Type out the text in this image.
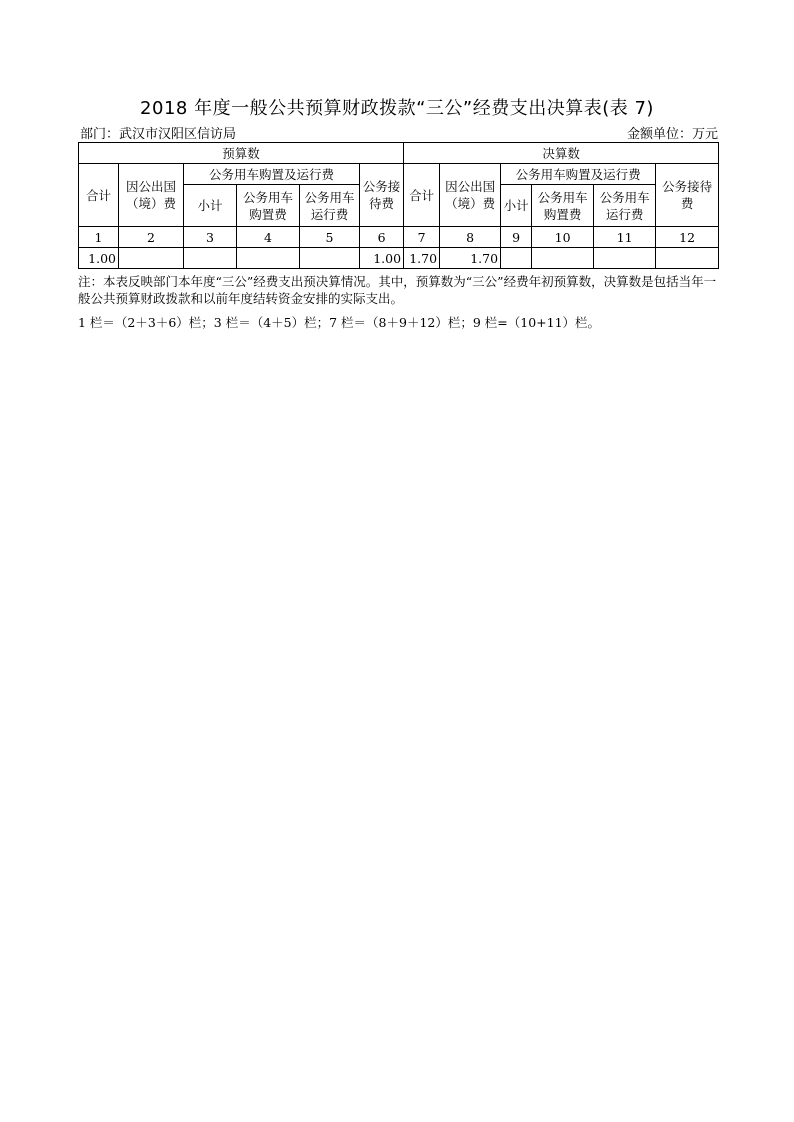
2018 年度一般公共预算财政拨款“三公”经费支出决算表(表 7)
部门：武汉市汉阳区信访局	金额单位：万元
预算数						决算数					
合计	因公出国（境）费	公务用车购置及运行费			公务接待费	合计	因公出国（境）费	公务用车购置及运行费			公务接待费
		小计	公务用车购置费	公务用车运行费				小计	公务用车购置费	公务用车运行费	
1	2	3	4	5	6	7	8	9	10	11	12
1.00					1.00	1.70	1.70				
注：本表反映部门本年度“三公”经费支出预决算情况。其中，预算数为“三公”经费年初预算数，决算数是包括当年一般公共预算财政拨款和以前年度结转资金安排的实际支出。
1 栏＝（2＋3＋6）栏；3 栏＝（4＋5）栏；7 栏＝（8＋9＋12）栏；9 栏=（10+11）栏。
